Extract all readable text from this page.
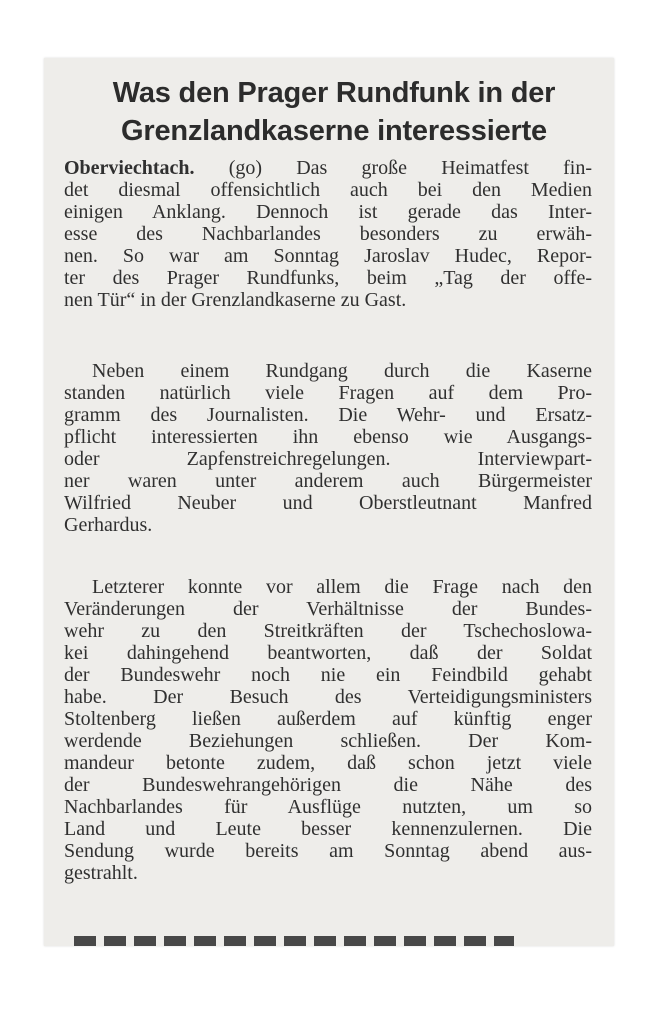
Was den Prager Rundfunk in der
Grenzlandkaserne interessierte
Oberviechtach. (go) Das große Heimatfest fin-
det diesmal offensichtlich auch bei den Medien
einigen Anklang. Dennoch ist gerade das Inter-
esse des Nachbarlandes besonders zu erwäh-
nen. So war am Sonntag Jaroslav Hudec, Repor-
ter des Prager Rundfunks, beim „Tag der offe-
nen Tür“ in der Grenzlandkaserne zu Gast.
Neben einem Rundgang durch die Kaserne
standen natürlich viele Fragen auf dem Pro-
gramm des Journalisten. Die Wehr- und Ersatz-
pflicht interessierten ihn ebenso wie Ausgangs-
oder Zapfenstreichregelungen. Interviewpart-
ner waren unter anderem auch Bürgermeister
Wilfried Neuber und Oberstleutnant Manfred
Gerhardus.
Letzterer konnte vor allem die Frage nach den
Veränderungen der Verhältnisse der Bundes-
wehr zu den Streitkräften der Tschechoslowa-
kei dahingehend beantworten, daß der Soldat
der Bundeswehr noch nie ein Feindbild gehabt
habe. Der Besuch des Verteidigungsministers
Stoltenberg ließen außerdem auf künftig enger
werdende Beziehungen schließen. Der Kom-
mandeur betonte zudem, daß schon jetzt viele
der Bundeswehrangehörigen die Nähe des
Nachbarlandes für Ausflüge nutzten, um so
Land und Leute besser kennenzulernen. Die
Sendung wurde bereits am Sonntag abend aus-
gestrahlt.
